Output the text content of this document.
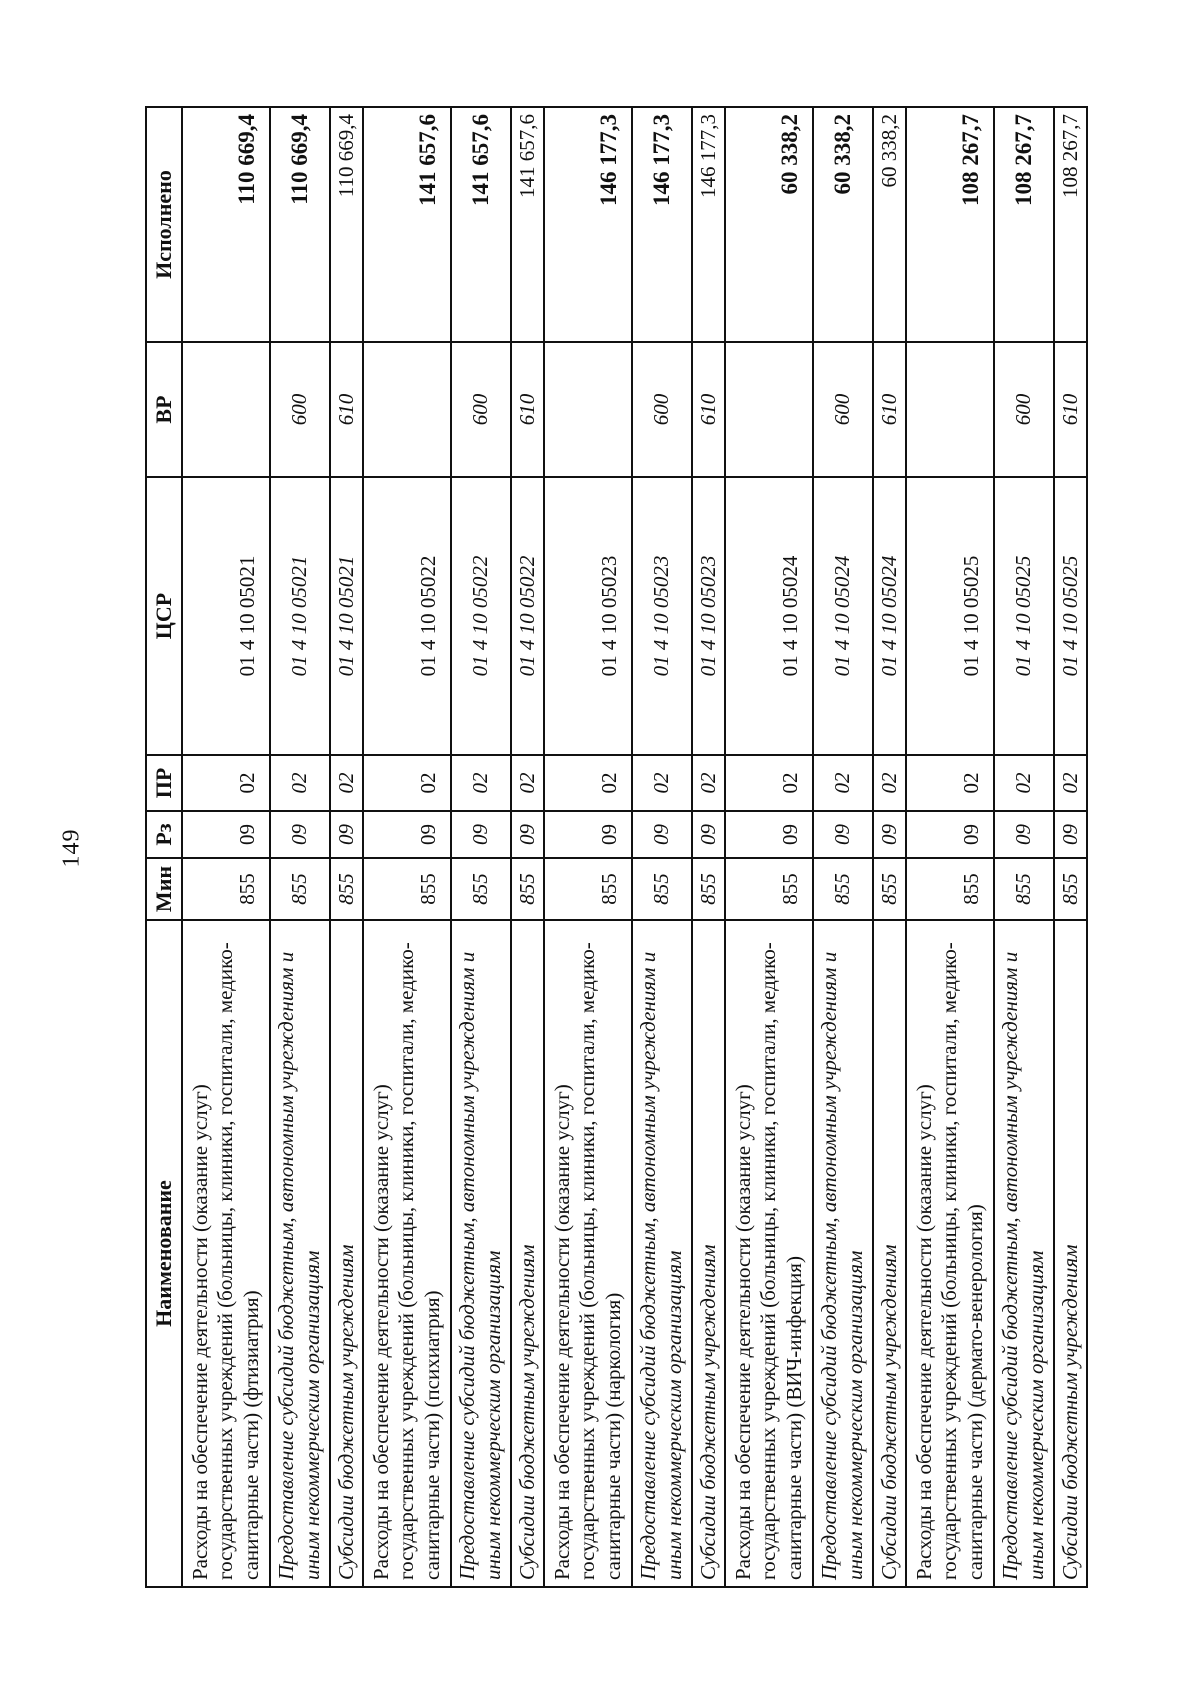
149
Наименование	Мин	Рз	ПР	ЦСР	ВР	Исполнено
Расходы на обеспечение деятельности (оказание услуг) государственных учреждений (больницы, клиники, госпитали, медико-санитарные части) (фтизиатрия)	855	09	02	01 4 10 05021		110 669,4
Предоставление субсидий бюджетным, автономным учреждениям и иным некоммерческим организациям	855	09	02	01 4 10 05021	600	110 669,4
Субсидии бюджетным учреждениям	855	09	02	01 4 10 05021	610	110 669,4
Расходы на обеспечение деятельности (оказание услуг) государственных учреждений (больницы, клиники, госпитали, медико-санитарные части) (психиатрия)	855	09	02	01 4 10 05022		141 657,6
Предоставление субсидий бюджетным, автономным учреждениям и иным некоммерческим организациям	855	09	02	01 4 10 05022	600	141 657,6
Субсидии бюджетным учреждениям	855	09	02	01 4 10 05022	610	141 657,6
Расходы на обеспечение деятельности (оказание услуг) государственных учреждений (больницы, клиники, госпитали, медико-санитарные части) (наркология)	855	09	02	01 4 10 05023		146 177,3
Предоставление субсидий бюджетным, автономным учреждениям и иным некоммерческим организациям	855	09	02	01 4 10 05023	600	146 177,3
Субсидии бюджетным учреждениям	855	09	02	01 4 10 05023	610	146 177,3
Расходы на обеспечение деятельности (оказание услуг) государственных учреждений (больницы, клиники, госпитали, медико-санитарные части) (ВИЧ-инфекция)	855	09	02	01 4 10 05024		60 338,2
Предоставление субсидий бюджетным, автономным учреждениям и иным некоммерческим организациям	855	09	02	01 4 10 05024	600	60 338,2
Субсидии бюджетным учреждениям	855	09	02	01 4 10 05024	610	60 338,2
Расходы на обеспечение деятельности (оказание услуг) государственных учреждений (больницы, клиники, госпитали, медико-санитарные части) (дермато-венерология)	855	09	02	01 4 10 05025		108 267,7
Предоставление субсидий бюджетным, автономным учреждениям и иным некоммерческим организациям	855	09	02	01 4 10 05025	600	108 267,7
Субсидии бюджетным учреждениям	855	09	02	01 4 10 05025	610	108 267,7
